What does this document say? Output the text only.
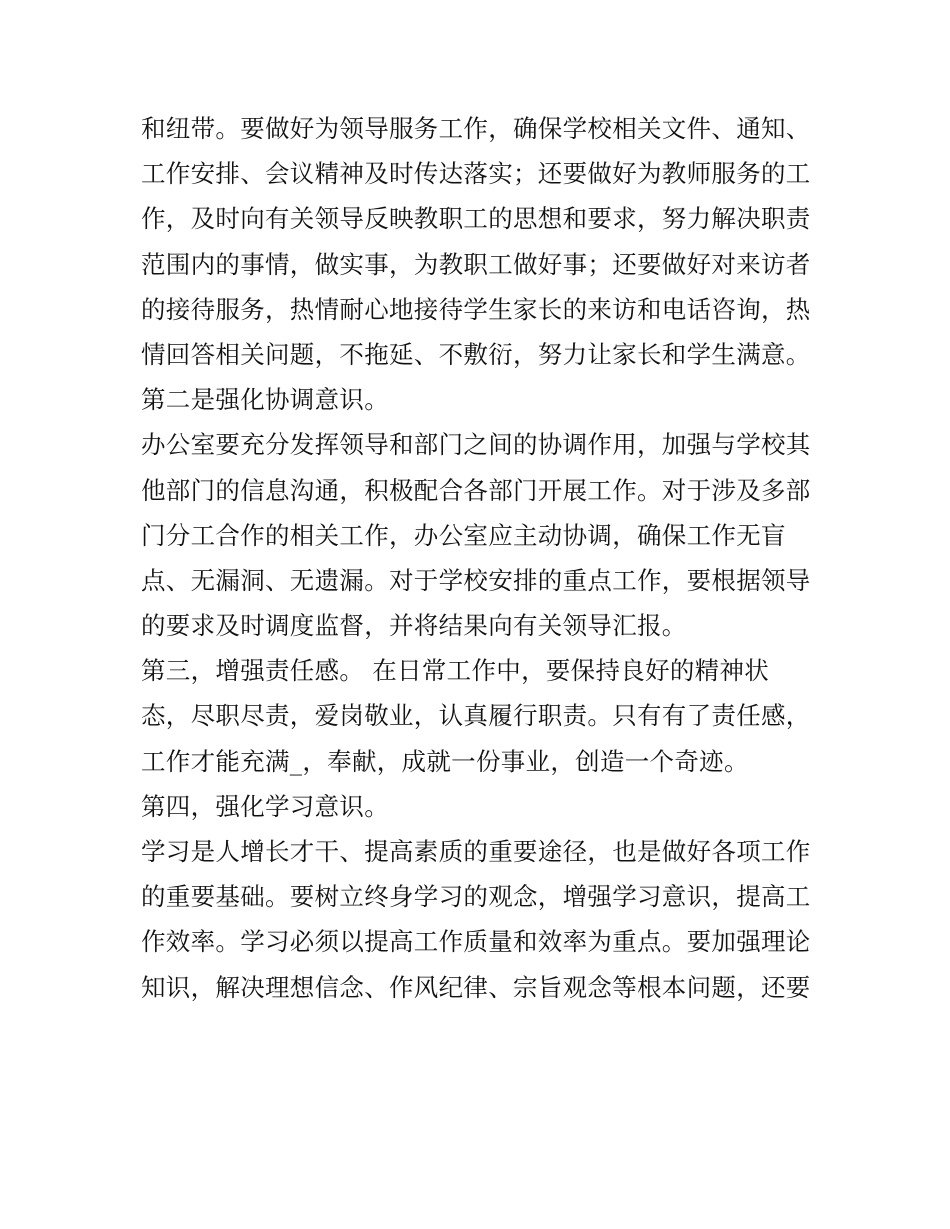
和纽带。要做好为领导服务工作，确保学校相关文件、通知、
工作安排、会议精神及时传达落实；还要做好为教师服务的工
作，及时向有关领导反映教职工的思想和要求，努力解决职责
范围内的事情，做实事，为教职工做好事；还要做好对来访者
的接待服务，热情耐心地接待学生家长的来访和电话咨询，热
情回答相关问题，不拖延、不敷衍，努力让家长和学生满意。
第二是强化协调意识。
办公室要充分发挥领导和部门之间的协调作用，加强与学校其
他部门的信息沟通，积极配合各部门开展工作。对于涉及多部
门分工合作的相关工作，办公室应主动协调，确保工作无盲
点、无漏洞、无遗漏。对于学校安排的重点工作，要根据领导
的要求及时调度监督，并将结果向有关领导汇报。
第三，增强责任感。 在日常工作中，要保持良好的精神状
态，尽职尽责，爱岗敬业，认真履行职责。只有有了责任感，
工作才能充满_，奉献，成就一份事业，创造一个奇迹。
第四，强化学习意识。
学习是人增长才干、提高素质的重要途径，也是做好各项工作
的重要基础。要树立终身学习的观念，增强学习意识，提高工
作效率。学习必须以提高工作质量和效率为重点。要加强理论
知识，解决理想信念、作风纪律、宗旨观念等根本问题，还要
